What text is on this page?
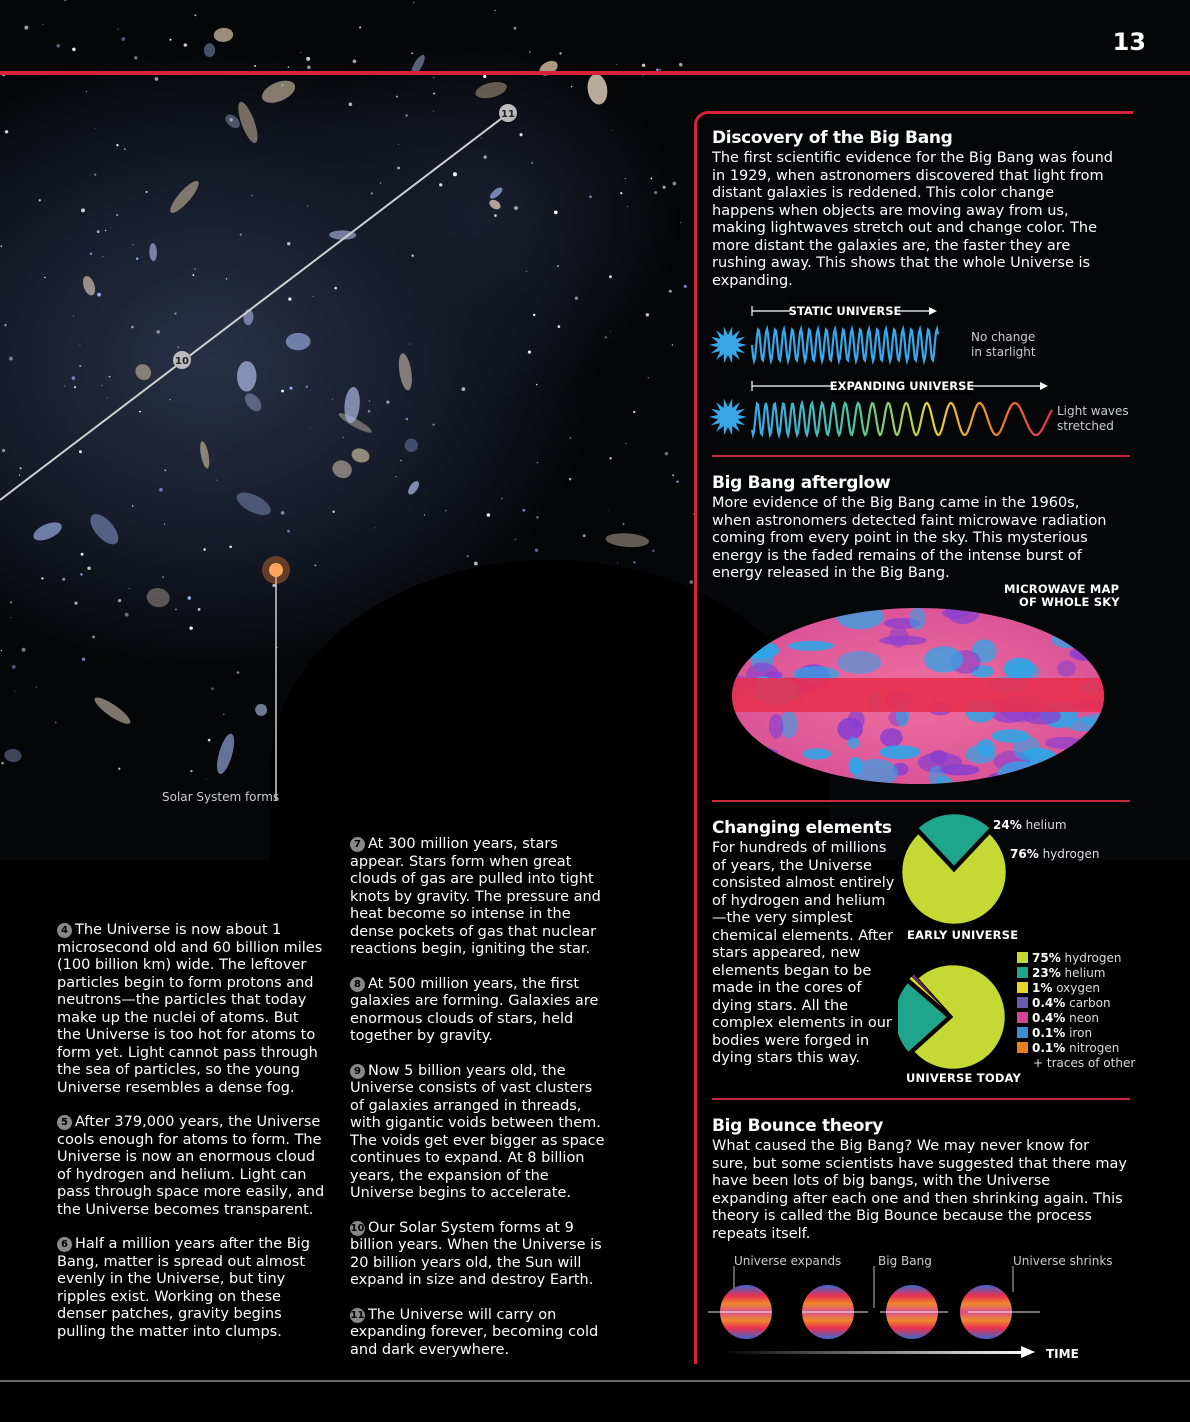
10
11
Solar System forms
13

4 The Universe is now about 1 microsecond old and 60 billion miles (100 billion km) wide. The leftover particles begin to form protons and neutrons—the particles that today make up the nuclei of atoms. But the Universe is too hot for atoms to form yet. Light cannot pass through the sea of particles, so the young Universe resembles a dense fog.

5 After 379,000 years, the Universe cools enough for atoms to form. The Universe is now an enormous cloud of hydrogen and helium. Light can pass through space more easily, and the Universe becomes transparent.

6 Half a million years after the Big Bang, matter is spread out almost evenly in the Universe, but tiny ripples exist. Working on these denser patches, gravity begins pulling the matter into clumps.

7 At 300 million years, stars appear. Stars form when great clouds of gas are pulled into tight knots by gravity. The pressure and heat become so intense in the dense pockets of gas that nuclear reactions begin, igniting the star.

8 At 500 million years, the first galaxies are forming. Galaxies are enormous clouds of stars, held together by gravity.

9 Now 5 billion years old, the Universe consists of vast clusters of galaxies arranged in threads, with gigantic voids between them. The voids get ever bigger as space continues to expand. At 8 billion years, the expansion of the Universe begins to accelerate.

10 Our Solar System forms at 9 billion years. When the Universe is 20 billion years old, the Sun will expand in size and destroy Earth.

11 The Universe will carry on expanding forever, becoming cold and dark everywhere.

Discovery of the Big Bang
The first scientific evidence for the Big Bang was found in 1929, when astronomers discovered that light from distant galaxies is reddened. This color change happens when objects are moving away from us, making lightwaves stretch out and change color. The more distant the galaxies are, the faster they are rushing away. This shows that the whole Universe is expanding.
STATIC UNIVERSE
No change
in starlight
EXPANDING UNIVERSE
Light waves
stretched
Big Bang afterglow
More evidence of the Big Bang came in the 1960s, when astronomers detected faint microwave radiation coming from every point in the sky. This mysterious energy is the faded remains of the intense burst of energy released in the Big Bang.
MICROWAVE MAP
OF WHOLE SKY
Changing elements
For hundreds of millions of years, the Universe consisted almost entirely of hydrogen and helium —the very simplest chemical elements. After stars appeared, new elements began to be made in the cores of dying stars. All the complex elements in our bodies were forged in dying stars this way.
24% helium
76% hydrogen
EARLY UNIVERSE
UNIVERSE TODAY
75% hydrogen
23% helium
1% oxygen
0.4% carbon
0.4% neon
0.1% iron
0.1% nitrogen
+ traces of other
Big Bounce theory
What caused the Big Bang? We may never know for sure, but some scientists have suggested that there may have been lots of big bangs, with the Universe expanding after each one and then shrinking again. This theory is called the Big Bounce because the process repeats itself.
Universe expands	Big Bang	Universe shrinks
TIME
